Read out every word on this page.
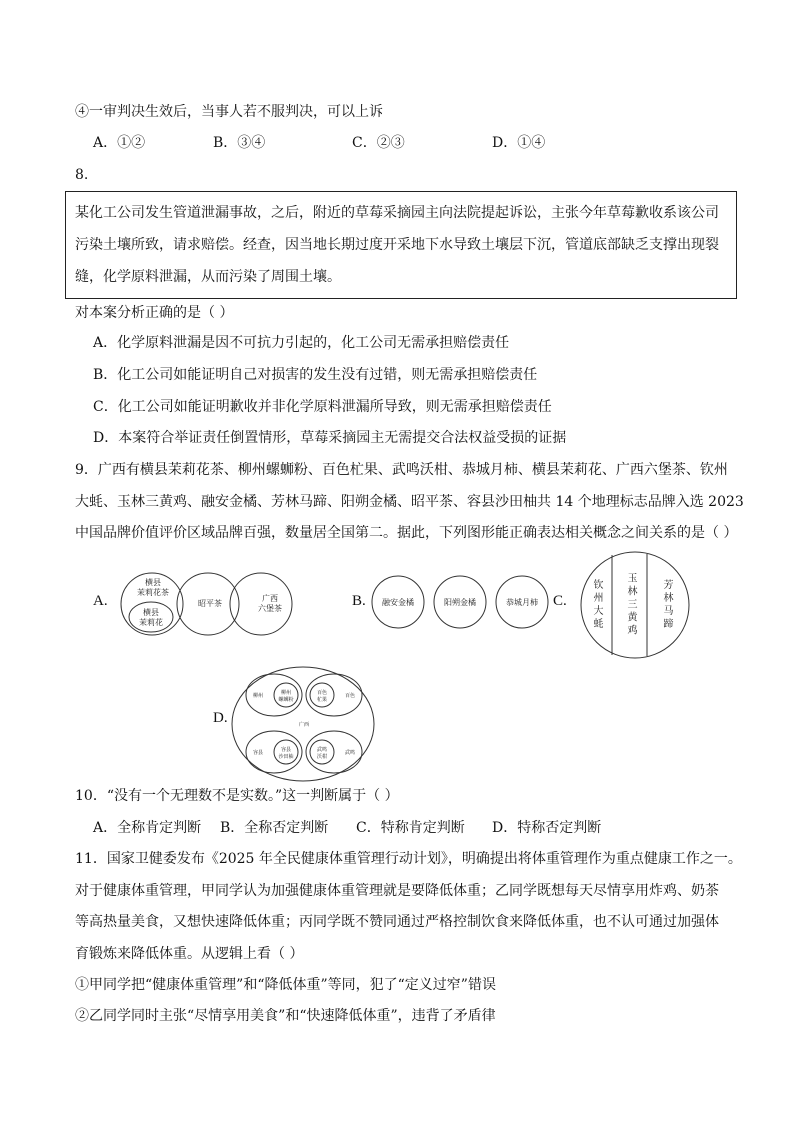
④一审判决生效后，当事人若不服判决，可以上诉
A．①②	B．③④	C．②③	D．①④
8.
某化工公司发生管道泄漏事故，之后，附近的草莓采摘园主向法院提起诉讼，主张今年草莓歉收系该公司
污染土壤所致，请求赔偿。经查，因当地长期过度开采地下水导致土壤层下沉，管道底部缺乏支撑出现裂
缝，化学原料泄漏，从而污染了周围土壤。
对本案分析正确的是（ ）
A．化学原料泄漏是因不可抗力引起的，化工公司无需承担赔偿责任
B．化工公司如能证明自己对损害的发生没有过错，则无需承担赔偿责任
C．化工公司如能证明歉收并非化学原料泄漏所导致，则无需承担赔偿责任
D．本案符合举证责任倒置情形，草莓采摘园主无需提交合法权益受损的证据
9．广西有横县茉莉花茶、柳州螺蛳粉、百色杧果、武鸣沃柑、恭城月柿、横县茉莉花、广西六堡茶、钦州
大蚝、玉林三黄鸡、融安金橘、芳林马蹄、阳朔金橘、昭平茶、容县沙田柚共 14 个地理标志品牌入选 2023
中国品牌价值评价区域品牌百强，数量居全国第二。据此，下列图形能正确表达相关概念之间关系的是（ ）
A.
横县
茉莉花茶
横县
茉莉花
昭平茶
广西
六堡茶	B. 融安金橘	阳朔金橘	恭城月柿 C. 钦州大蚝 玉林三黄鸡	芳林马蹄
D.	广西
柳州	柳州
螺蛳粉
百色
百色
杧果
容县	容县
沙田柚
武鸣
武鸣
沃柑
10．“没有一个无理数不是实数。”这一判断属于（ ）
A．全称肯定判断 B．全称否定判断 C．特称肯定判断 D．特称否定判断
11．国家卫健委发布《2025 年全民健康体重管理行动计划》，明确提出将体重管理作为重点健康工作之一。
对于健康体重管理，甲同学认为加强健康体重管理就是要降低体重；乙同学既想每天尽情享用炸鸡、奶茶
等高热量美食，又想快速降低体重；丙同学既不赞同通过严格控制饮食来降低体重，也不认可通过加强体
育锻炼来降低体重。从逻辑上看（ ）
①甲同学把“健康体重管理”和“降低体重”等同，犯了“定义过窄”错误
②乙同学同时主张“尽情享用美食”和“快速降低体重”，违背了矛盾律
